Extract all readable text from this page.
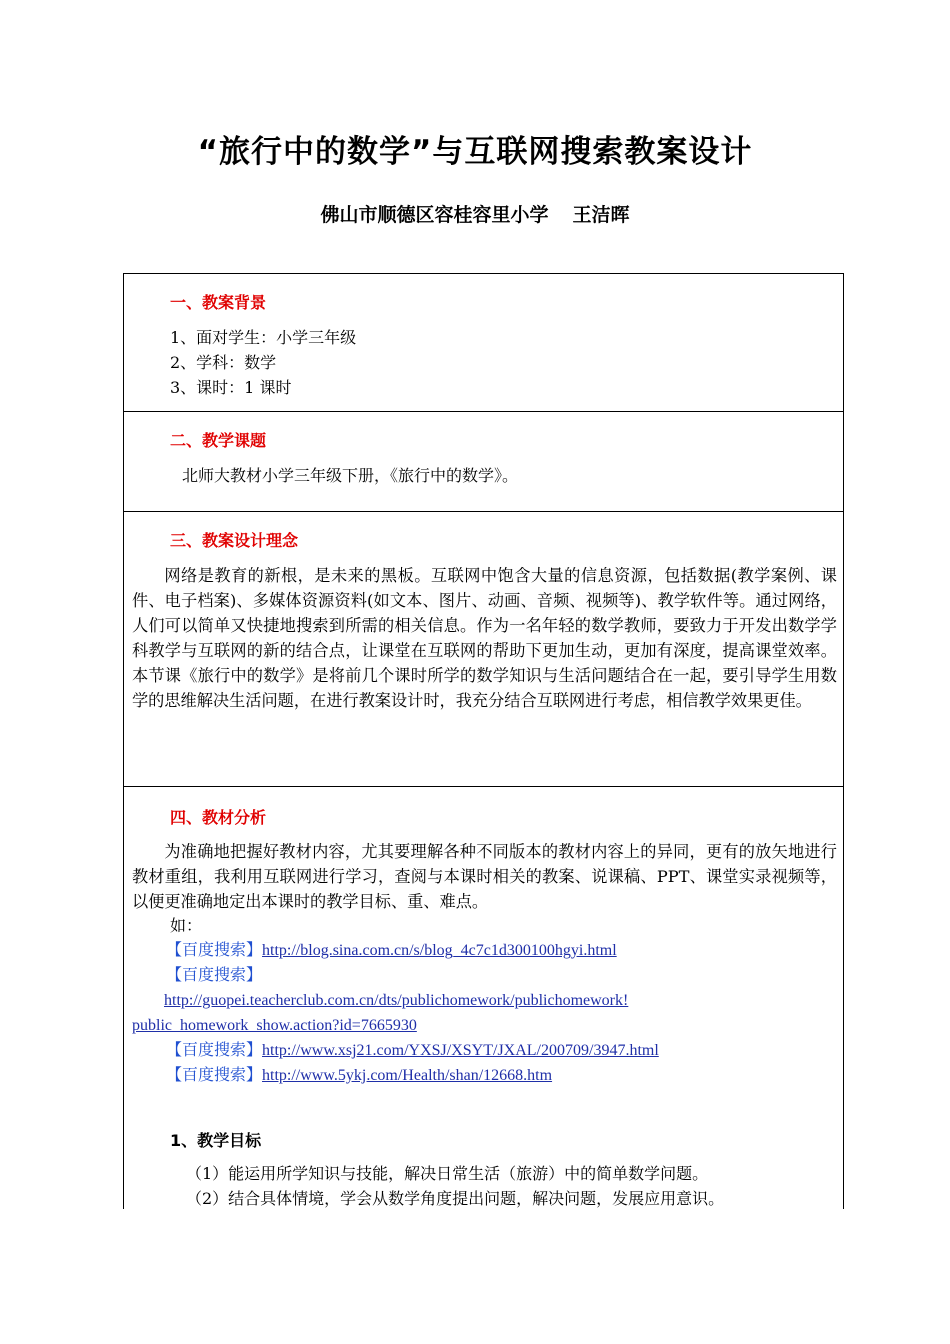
“旅行中的数学”与互联网搜索教案设计

佛山市顺德区容桂容里小学 王洁晖

一、教案背景
1、面对学生：小学三年级
2、学科：数学
3、课时：1 课时
二、教学课题
北师大教材小学三年级下册，《旅行中的数学》。
三、教案设计理念

网络是教育的新根，是未来的黑板。互联网中饱含大量的信息资源，包括数据(教学案例、课件、电子档案)、多媒体资源资料(如文本、图片、动画、音频、视频等)、教学软件等。通过网络，人们可以简单又快捷地搜索到所需的相关信息。作为一名年轻的数学教师，要致力于开发出数学学科教学与互联网的新的结合点，让课堂在互联网的帮助下更加生动，更加有深度，提高课堂效率。本节课《旅行中的数学》是将前几个课时所学的数学知识与生活问题结合在一起，要引导学生用数学的思维解决生活问题，在进行教案设计时，我充分结合互联网进行考虑，相信教学效果更佳。

四、教材分析

为准确地把握好教材内容，尤其要理解各种不同版本的教材内容上的异同，更有的放矢地进行教材重组，我利用互联网进行学习，查阅与本课时相关的教案、说课稿、PPT、课堂实录视频等，以便更准确地定出本课时的教学目标、重、难点。

如：
【百度搜索】http://blog.sina.com.cn/s/blog_4c7c1d300100hgyi.html
【百度搜索】
http://guopei.teacherclub.com.cn/dts/publichomework/publichomework!
public_homework_show.action?id=7665930
【百度搜索】http://www.xsj21.com/YXSJ/XSYT/JXAL/200709/3947.html
【百度搜索】http://www.5ykj.com/Health/shan/12668.htm
1、教学目标
（1）能运用所学知识与技能，解决日常生活（旅游）中的简单数学问题。
（2）结合具体情境，学会从数学角度提出问题，解决问题，发展应用意识。
